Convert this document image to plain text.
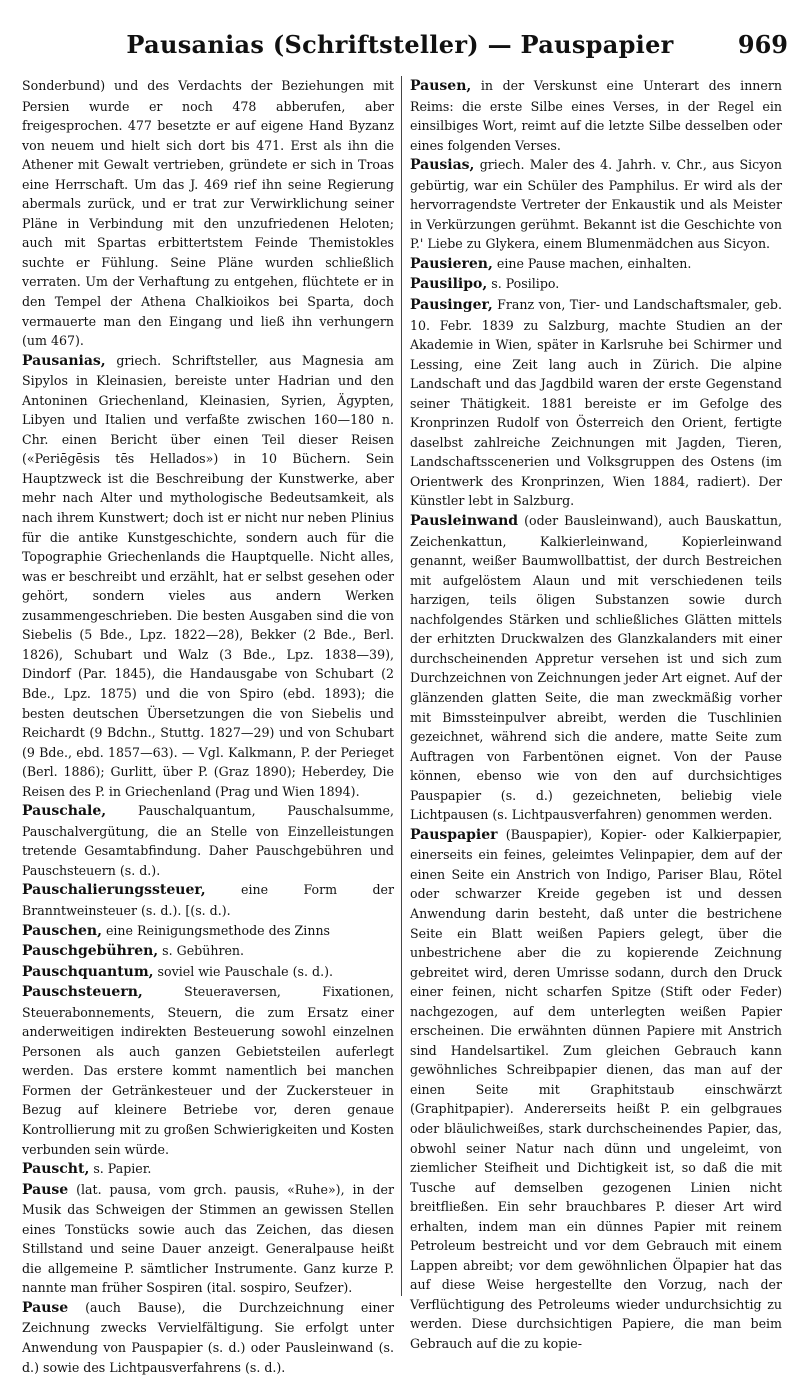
Pausanias (Schriftsteller) — Pauspapier	969

Sonderbund) und des Verdachts der Beziehungen mit Persien wurde er noch 478 abberufen, aber freigesprochen. 477 besetzte er auf eigene Hand Byzanz von neuem und hielt sich dort bis 471. Erst als ihn die Athener mit Gewalt vertrieben, gründete er sich in Troas eine Herrschaft. Um das J. 469 rief ihn seine Regierung abermals zurück, und er trat zur Verwirklichung seiner Pläne in Verbindung mit den unzufriedenen Heloten; auch mit Spartas erbittertstem Feinde Themistokles suchte er Fühlung. Seine Pläne wurden schließlich verraten. Um der Verhaftung zu entgehen, flüchtete er in den Tempel der Athena Chalkioikos bei Sparta, doch vermauerte man den Eingang und ließ ihn verhungern (um 467).

Pausanias, griech. Schriftsteller, aus Magnesia am Sipylos in Kleinasien, bereiste unter Hadrian und den Antoninen Griechenland, Kleinasien, Syrien, Ägypten, Libyen und Italien und verfaßte zwischen 160—180 n. Chr. einen Bericht über einen Teil dieser Reisen («Periēgēsis tēs Hellados») in 10 Büchern. Sein Hauptzweck ist die Beschreibung der Kunstwerke, aber mehr nach Alter und mythologische Bedeutsamkeit, als nach ihrem Kunstwert; doch ist er nicht nur neben Plinius für die antike Kunstgeschichte, sondern auch für die Topographie Griechenlands die Hauptquelle. Nicht alles, was er beschreibt und erzählt, hat er selbst gesehen oder gehört, sondern vieles aus andern Werken zusammengeschrieben. Die besten Ausgaben sind die von Siebelis (5 Bde., Lpz. 1822—28), Bekker (2 Bde., Berl. 1826), Schubart und Walz (3 Bde., Lpz. 1838—39), Dindorf (Par. 1845), die Handausgabe von Schubart (2 Bde., Lpz. 1875) und die von Spiro (ebd. 1893); die besten deutschen Übersetzungen die von Siebelis und Reichardt (9 Bdchn., Stuttg. 1827—29) und von Schubart (9 Bde., ebd. 1857—63). — Vgl. Kalkmann, P. der Perieget (Berl. 1886); Gurlitt, über P. (Graz 1890); Heberdey, Die Reisen des P. in Griechenland (Prag und Wien 1894).

Pauschale, Pauschalquantum, Pauschalsumme, Pauschalvergütung, die an Stelle von Einzelleistungen tretende Gesamtabfindung. Daher Pauschgebühren und Pauschsteuern (s. d.).

Pauschalierungssteuer, eine Form der Branntweinsteuer (s. d.). [(s. d.).

Pauschen, eine Reinigungsmethode des Zinns

Pauschgebühren, s. Gebühren.

Pauschquantum, soviel wie Pauschale (s. d.).

Pauschsteuern, Steueraversen, Fixationen, Steuerabonnements, Steuern, die zum Ersatz einer anderweitigen indirekten Besteuerung sowohl einzelnen Personen als auch ganzen Gebietsteilen auferlegt werden. Das erstere kommt namentlich bei manchen Formen der Getränkesteuer und der Zuckersteuer in Bezug auf kleinere Betriebe vor, deren genaue Kontrollierung mit zu großen Schwierigkeiten und Kosten verbunden sein würde.

Pauscht, s. Papier.

Pause (lat. pausa, vom grch. pausis, «Ruhe»), in der Musik das Schweigen der Stimmen an gewissen Stellen eines Tonstücks sowie auch das Zeichen, das diesen Stillstand und seine Dauer anzeigt. Generalpause heißt die allgemeine P. sämtlicher Instrumente. Ganz kurze P. nannte man früher Sospiren (ital. sospiro, Seufzer).

Pause (auch Bause), die Durchzeichnung einer Zeichnung zwecks Vervielfältigung. Sie erfolgt unter Anwendung von Pauspapier (s. d.) oder Pausleinwand (s. d.) sowie des Lichtpausverfahrens (s. d.).

Pausen, in der Verskunst eine Unterart des innern Reims: die erste Silbe eines Verses, in der Regel ein einsilbiges Wort, reimt auf die letzte Silbe desselben oder eines folgenden Verses.

Pausias, griech. Maler des 4. Jahrh. v. Chr., aus Sicyon gebürtig, war ein Schüler des Pamphilus. Er wird als der hervorragendste Vertreter der Enkaustik und als Meister in Verkürzungen gerühmt. Bekannt ist die Geschichte von P.' Liebe zu Glykera, einem Blumenmädchen aus Sicyon.

Pausieren, eine Pause machen, einhalten.

Pausilipo, s. Posilipo.

Pausinger, Franz von, Tier- und Landschaftsmaler, geb. 10. Febr. 1839 zu Salzburg, machte Studien an der Akademie in Wien, später in Karlsruhe bei Schirmer und Lessing, eine Zeit lang auch in Zürich. Die alpine Landschaft und das Jagdbild waren der erste Gegenstand seiner Thätigkeit. 1881 bereiste er im Gefolge des Kronprinzen Rudolf von Österreich den Orient, fertigte daselbst zahlreiche Zeichnungen mit Jagden, Tieren, Landschaftsscenerien und Volksgruppen des Ostens (im Orientwerk des Kronprinzen, Wien 1884, radiert). Der Künstler lebt in Salzburg.

Pausleinwand (oder Bausleinwand), auch Bauskattun, Zeichenkattun, Kalkierleinwand, Kopierleinwand genannt, weißer Baumwollbattist, der durch Bestreichen mit aufgelöstem Alaun und mit verschiedenen teils harzigen, teils öligen Substanzen sowie durch nachfolgendes Stärken und schließliches Glätten mittels der erhitzten Druckwalzen des Glanzkalanders mit einer durchscheinenden Appretur versehen ist und sich zum Durchzeichnen von Zeichnungen jeder Art eignet. Auf der glänzenden glatten Seite, die man zweckmäßig vorher mit Bimssteinpulver abreibt, werden die Tuschlinien gezeichnet, während sich die andere, matte Seite zum Auftragen von Farbentönen eignet. Von der Pause können, ebenso wie von den auf durchsichtiges Pauspapier (s. d.) gezeichneten, beliebig viele Lichtpausen (s. Lichtpausverfahren) genommen werden.

Pauspapier (Bauspapier), Kopier- oder Kalkierpapier, einerseits ein feines, geleimtes Velinpapier, dem auf der einen Seite ein Anstrich von Indigo, Pariser Blau, Rötel oder schwarzer Kreide gegeben ist und dessen Anwendung darin besteht, daß unter die bestrichene Seite ein Blatt weißen Papiers gelegt, über die unbestrichene aber die zu kopierende Zeichnung gebreitet wird, deren Umrisse sodann, durch den Druck einer feinen, nicht scharfen Spitze (Stift oder Feder) nachgezogen, auf dem unterlegten weißen Papier erscheinen. Die erwähnten dünnen Papiere mit Anstrich sind Handelsartikel. Zum gleichen Gebrauch kann gewöhnliches Schreibpapier dienen, das man auf der einen Seite mit Graphitstaub einschwärzt (Graphitpapier). Andererseits heißt P. ein gelbgraues oder bläulichweißes, stark durchscheinendes Papier, das, obwohl seiner Natur nach dünn und ungeleimt, von ziemlicher Steifheit und Dichtigkeit ist, so daß die mit Tusche auf demselben gezogenen Linien nicht breitfließen. Ein sehr brauchbares P. dieser Art wird erhalten, indem man ein dünnes Papier mit reinem Petroleum bestreicht und vor dem Gebrauch mit einem Lappen abreibt; vor dem gewöhnlichen Ölpapier hat das auf diese Weise hergestellte den Vorzug, nach der Verflüchtigung des Petroleums wieder undurchsichtig zu werden. Diese durchsichtigen Papiere, die man beim Gebrauch auf die zu kopie-
